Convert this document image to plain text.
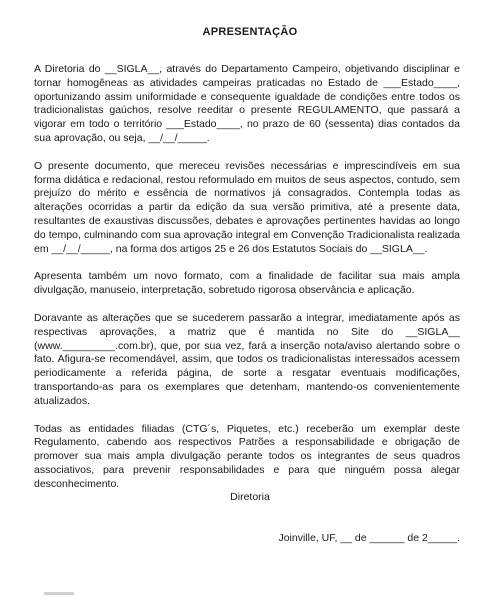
APRESENTAÇÃO

A Diretoria do __SIGLA__, através do Departamento Campeiro, objetivando disciplinar e tornar homogêneas as atividades campeiras praticadas no Estado de ___Estado____, oportunizando assim uniformidade e consequente igualdade de condições entre todos os tradicionalistas gaúchos, resolve reeditar o presente REGULAMENTO, que passará a vigorar em todo o território ___Estado____, no prazo de 60 (sessenta) dias contados da sua aprovação, ou seja, __/__/_____.

O presente documento, que mereceu revisões necessárias e imprescindíveis em sua forma didática e redacional, restou reformulado em muitos de seus aspectos, contudo, sem prejuízo do mérito e essência de normativos já consagrados. Contempla todas as alterações ocorridas a partir da edição da sua versão primitiva, até a presente data, resultantes de exaustivas discussões, debates e aprovações pertinentes havidas ao longo do tempo, culminando com sua aprovação integral em Convenção Tradicionalista realizada em __/__/_____, na forma dos artigos 25 e 26 dos Estatutos Sociais do __SIGLA__.

Apresenta também um novo formato, com a finalidade de facilitar sua mais ampla divulgação, manuseio, interpretação, sobretudo rigorosa observância e aplicação.

Doravante as alterações que se sucederem passarão a integrar, imediatamente após as respectivas aprovações, a matriz que é mantida no Site do __SIGLA__ (www._________.com.br), que, por sua vez, fará a inserção nota/aviso alertando sobre o fato. Afigura-se recomendável, assim, que todos os tradicionalistas interessados acessem periodicamente a referida página, de sorte a resgatar eventuais modificações, transportando-as para os exemplares que detenham, mantendo-os convenientemente atualizados.

Todas as entidades filiadas (CTG´s, Piquetes, etc.) receberão um exemplar deste Regulamento, cabendo aos respectivos Patrões a responsabilidade e obrigação de promover sua mais ampla divulgação perante todos os integrantes de seus quadros associativos, para prevenir responsabilidades e para que ninguém possa alegar desconhecimento.

Diretoria
Joinville, UF, __ de ______ de 2_____.
